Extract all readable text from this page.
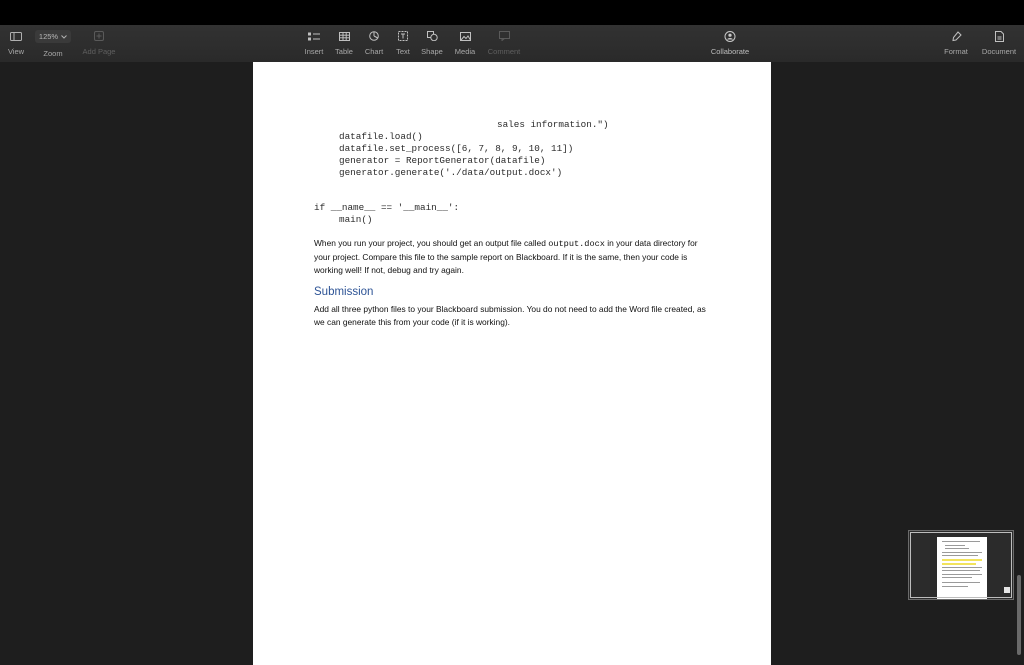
View
125%
Zoom	Add Page	Insert Table Chart Text Shape Media Comment	Collaborate	Format Document
sales information.")
datafile.load()
datafile.set_process([6, 7, 8, 9, 10, 11])
generator = ReportGenerator(datafile)
generator.generate('./data/output.docx')
if __name__ == '__main__':
main()
When you run your project, you should get an output file called output.docx in your data directory for your project. Compare this file to the sample report on Blackboard. If it is the same, then your code is working well! If not, debug and try again.
Submission
Add all three python files to your Blackboard submission. You do not need to add the Word file created, as we can generate this from your code (if it is working).
